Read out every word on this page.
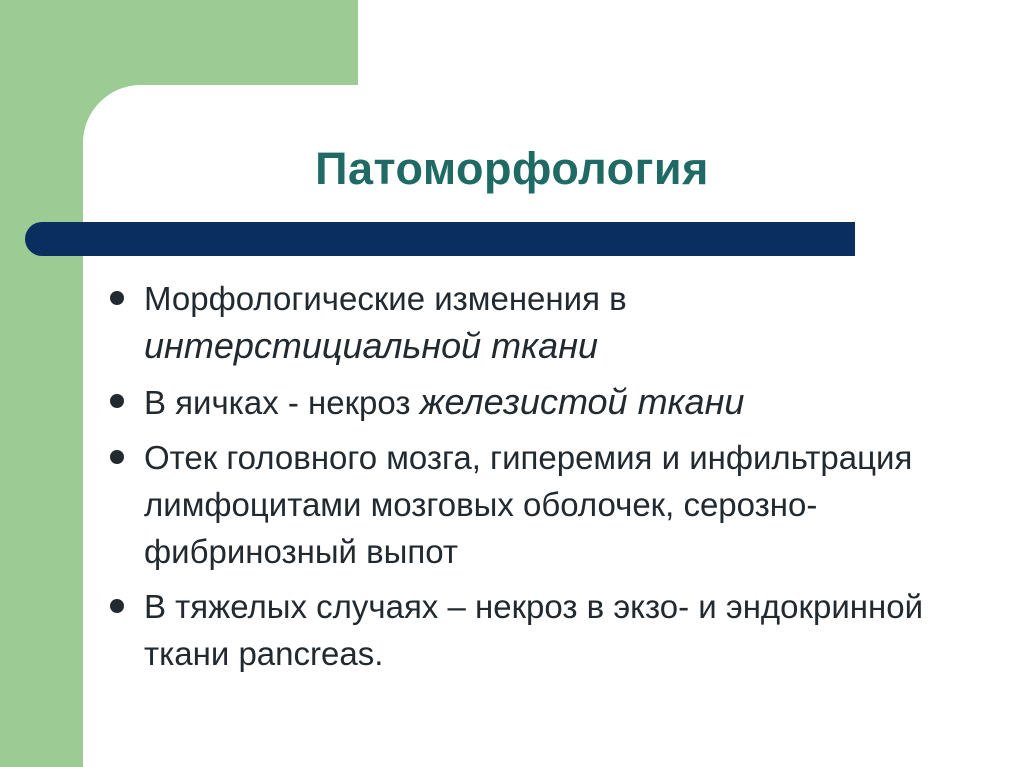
Патоморфология
Морфологические изменения в
интерстициальной ткани
В яичках - некроз железистой ткани
Отек головного мозга, гиперемия и инфильтрация лимфоцитами мозговых оболочек, серозно-фибринозный выпот
В тяжелых случаях – некроз в экзо- и эндокринной ткани pancreas.
